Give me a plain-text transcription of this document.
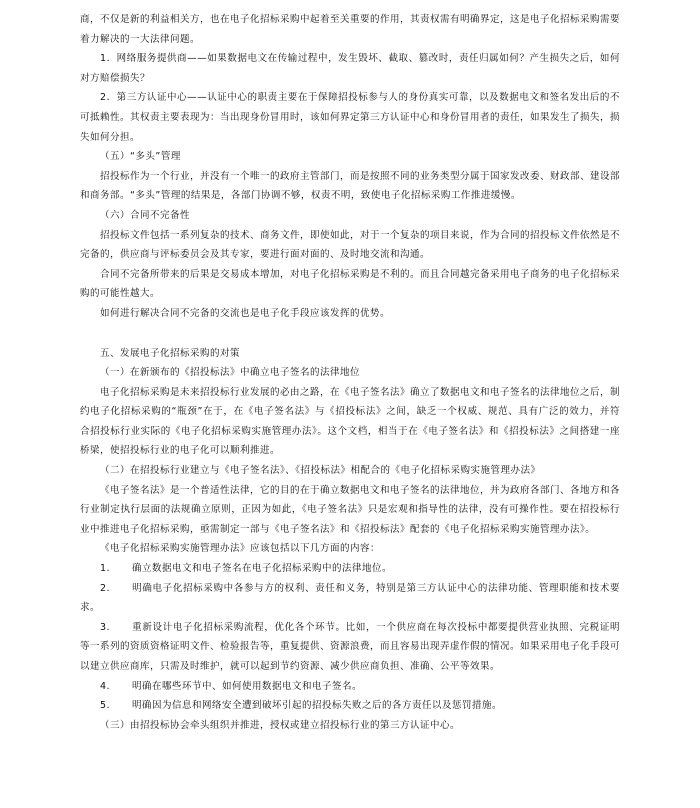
商，不仅是新的利益相关方，也在电子化招标采购中起着至关重要的作用，其责权需有明确界定，这是电子化招标采购需要着力解决的一大法律问题。

1．网络服务提供商——如果数据电文在传输过程中，发生毁坏、截取、篡改时，责任归属如何？产生损失之后，如何对方赔偿损失？

2．第三方认证中心——认证中心的职责主要在于保障招投标参与人的身份真实可靠，以及数据电文和签名发出后的不可抵赖性。其权责主要表现为：当出现身份冒用时，该如何界定第三方认证中心和身份冒用者的责任，如果发生了损失，损失如何分担。

（五）“多头”管理

招投标作为一个行业，并没有一个唯一的政府主管部门，而是按照不同的业务类型分属于国家发改委、财政部、建设部和商务部。“多头”管理的结果是，各部门协调不够，权责不明，致使电子化招标采购工作推进缓慢。

（六）合同不完备性

招投标文件包括一系列复杂的技术、商务文件，即使如此，对于一个复杂的项目来说，作为合同的招投标文件依然是不完备的，供应商与评标委员会及其专家，要进行面对面的、及时地交流和沟通。

合同不完备所带来的后果是交易成本增加，对电子化招标采购是不利的。而且合同越完备采用电子商务的电子化招标采购的可能性越大。

如何进行解决合同不完备的交流也是电子化手段应该发挥的优势。

五、发展电子化招标采购的对策

（一）在新颁布的《招投标法》中确立电子签名的法律地位

电子化招标采购是未来招投标行业发展的必由之路，在《电子签名法》确立了数据电文和电子签名的法律地位之后，制约电子化招标采购的“瓶颈”在于，在《电子签名法》与《招投标法》之间，缺乏一个权威、规范、具有广泛的效力，并符合招投标行业实际的《电子化招标采购实施管理办法》。这个文档，相当于在《电子签名法》和《招投标法》之间搭建一座桥梁，使招投标行业的电子化可以顺利推进。

（二）在招投标行业建立与《电子签名法》、《招投标法》相配合的《电子化招标采购实施管理办法》

《电子签名法》是一个普适性法律，它的目的在于确立数据电文和电子签名的法律地位，并为政府各部门、各地方和各行业制定执行层面的法规确立原则，正因为如此，《电子签名法》只是宏观和指导性的法律，没有可操作性。要在招投标行业中推进电子化招标采购，亟需制定一部与《电子签名法》和《招投标法》配套的《电子化招标采购实施管理办法》。

《电子化招标采购实施管理办法》应该包括以下几方面的内容：

1. 确立数据电文和电子签名在电子化招标采购中的法律地位。

2. 明确电子化招标采购中各参与方的权利、责任和义务，特别是第三方认证中心的法律功能、管理职能和技术要求。

3. 重新设计电子化招标采购流程，优化各个环节。比如，一个供应商在每次投标中都要提供营业执照、完税证明等一系列的资质资格证明文件、检验报告等，重复提供、资源浪费，而且容易出现弄虚作假的情况。如果采用电子化手段可以建立供应商库，只需及时维护，就可以起到节约资源、减少供应商负担、准确、公平等效果。

4. 明确在哪些环节中、如何使用数据电文和电子签名。

5. 明确因为信息和网络安全遭到破坏引起的招投标失败之后的各方责任以及惩罚措施。

（三）由招投标协会牵头组织并推进，授权或建立招投标行业的第三方认证中心。
